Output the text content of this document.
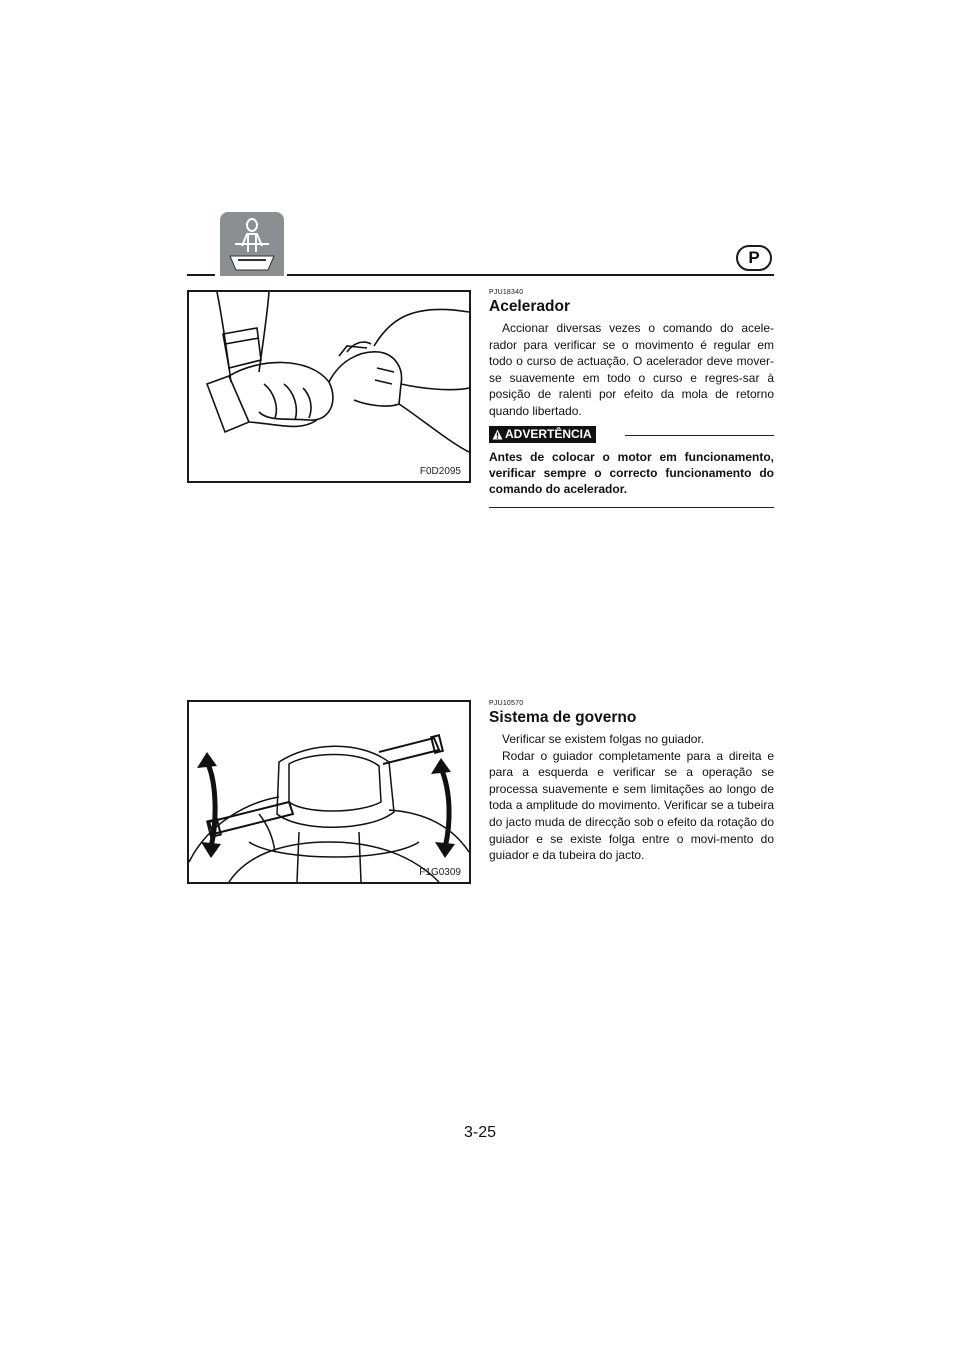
P
F0D2095
PJU18340
Acelerador

Accionar diversas vezes o comando do acele-rador para verificar se o movimento é regular em todo o curso de actuação. O acelerador deve mover-se suavemente em todo o curso e regres-sar à posição de ralenti por efeito da mola de retorno quando libertado.

ADVERTÊNCIA

Antes de colocar o motor em funcionamento, verificar sempre o correcto funcionamento do comando do acelerador.

F1G0309
PJU10570
Sistema de governo

Verificar se existem folgas no guiador.

Rodar o guiador completamente para a direita e para a esquerda e verificar se a operação se processa suavemente e sem limitações ao longo de toda a amplitude do movimento. Verificar se a tubeira do jacto muda de direcção sob o efeito da rotação do guiador e se existe folga entre o movi-mento do guiador e da tubeira do jacto.

3-25
